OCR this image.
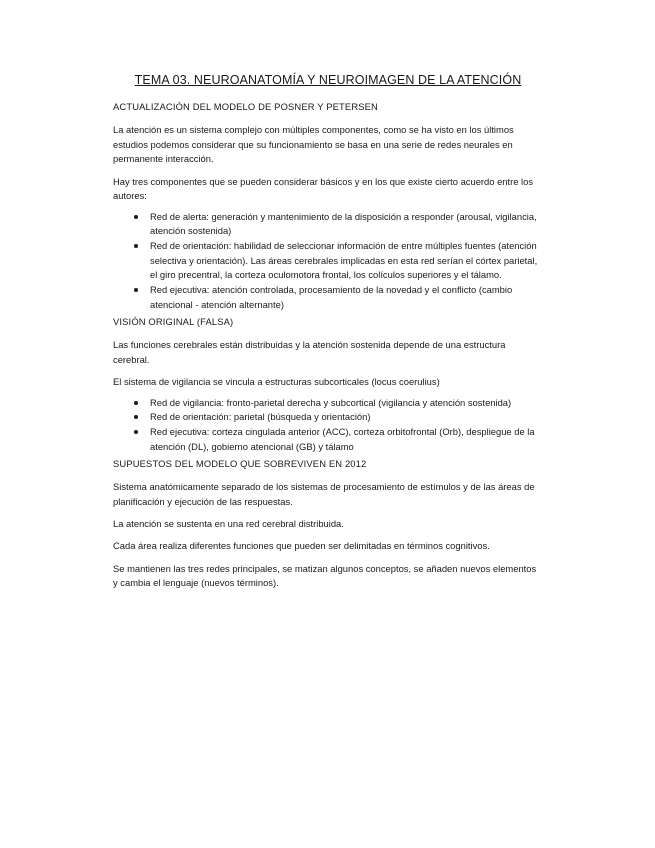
TEMA 03. NEUROANATOMÍA Y NEUROIMAGEN DE LA ATENCIÓN
ACTUALIZACIÓN DEL MODELO DE POSNER Y PETERSEN
La atención es un sistema complejo con múltiples componentes, como se ha visto en los últimos estudios podemos considerar que su funcionamiento se basa en una serie de redes neurales en permanente interacción.
Hay tres componentes que se pueden considerar básicos y en los que existe cierto acuerdo entre los autores:
Red de alerta: generación y mantenimiento de la disposición a responder (arousal, vigilancia, atención sostenida)
Red de orientación: habilidad de seleccionar información de entre múltiples fuentes (atención selectiva y orientación). Las áreas cerebrales implicadas en esta red serían el córtex parietal, el giro precentral, la corteza oculomotora frontal, los colículos superiores y el tálamo.
Red ejecutiva: atención controlada, procesamiento de la novedad y el conflicto (cambio atencional - atención alternante)
VISIÓN ORIGINAL (FALSA)
Las funciones cerebrales están distribuidas y la atención sostenida depende de una estructura cerebral.
El sistema de vigilancia se vincula a estructuras subcorticales (locus coerulius)
Red de vigilancia: fronto-parietal derecha y subcortical (vigilancia y atención sostenida)
Red de orientación: parietal (búsqueda y orientación)
Red ejecutiva: corteza cingulada anterior (ACC), corteza orbitofrontal (Orb), despliegue de la atención (DL), gobierno atencional (GB) y tálamo
SUPUESTOS DEL MODELO QUE SOBREVIVEN EN 2012
Sistema anatómicamente separado de los sistemas de procesamiento de estímulos y de las áreas de planificación y ejecución de las respuestas.
La atención se sustenta en una red cerebral distribuida.
Cada área realiza diferentes funciones que pueden ser delimitadas en términos cognitivos.
Se mantienen las tres redes principales, se matizan algunos conceptos, se añaden nuevos elementos y cambia el lenguaje (nuevos términos).
